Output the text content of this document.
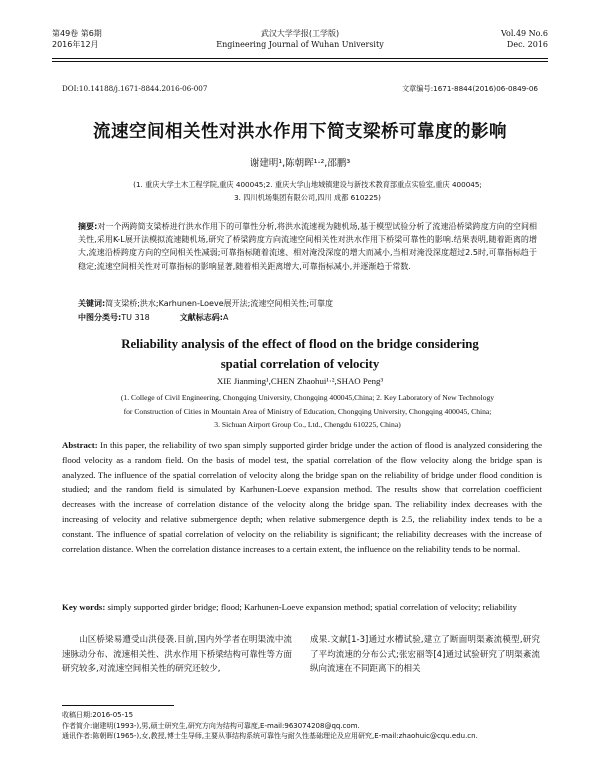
第49卷 第6期
2016年12月
武汉大学学报(工学版)
Engineering Journal of Wuhan University
Vol.49 No.6
Dec. 2016
DOI:10.14188/j.1671-8844.2016-06-007	文章编号:1671-8844(2016)06-0849-06
流速空间相关性对洪水作用下简支梁桥可靠度的影响
谢建明¹,陈朝晖¹·²,邵鹏³
(1. 重庆大学土木工程学院,重庆 400045;2. 重庆大学山地城镇建设与新技术教育部重点实验室,重庆 400045;
3. 四川机场集团有限公司,四川 成都 610225)
摘要:对一个两跨简支梁桥进行洪水作用下的可靠性分析,将洪水流速视为随机场,基于模型试验分析了流速沿桥梁跨度方向的空间相关性,采用K-L展开法模拟流速随机场,研究了桥梁跨度方向流速空间相关性对洪水作用下桥梁可靠性的影响.结果表明,随着距离的增大,流速沿桥跨度方向的空间相关性减弱;可靠指标随着流速、相对淹没深度的增大而减小,当相对淹没深度超过2.5时,可靠指标趋于稳定;流速空间相关性对可靠指标的影响显著,随着相关距离增大,可靠指标减小,并逐渐趋于常数.
关键词:简支梁桥;洪水;Karhunen-Loeve展开法;流速空间相关性;可靠度
中图分类号:TU 318	文献标志码:A
Reliability analysis of the effect of flood on the bridge considering
spatial correlation of velocity
XIE Jianming¹,CHEN Zhaohui¹·²,SHAO Peng³
(1. College of Civil Engineering, Chongqing University, Chongqing 400045,China; 2. Key Laboratory of New Technology
for Construction of Cities in Mountain Area of Ministry of Education, Chongqing University, Chongqing 400045, China;
3. Sichuan Airport Group Co., Ltd., Chengdu 610225, China)
Abstract: In this paper, the reliability of two span simply supported girder bridge under the action of flood is analyzed considering the flood velocity as a random field. On the basis of model test, the spatial correlation of the flow velocity along the bridge span is analyzed. The influence of the spatial correlation of velocity along the bridge span on the reliability of bridge under flood condition is studied; and the random field is simulated by Karhunen-Loeve expansion method. The results show that correlation coefficient decreases with the increase of correlation distance of the velocity along the bridge span. The reliability index decreases with the increasing of velocity and relative submergence depth; when relative submergence depth is 2.5, the reliability index tends to be a constant. The influence of spatial correlation of velocity on the reliability is significant; the reliability decreases with the increase of correlation distance. When the correlation distance increases to a certain extent, the influence on the reliability tends to be normal.
Key words: simply supported girder bridge; flood; Karhunen-Loeve expansion method; spatial correlation of velocity; reliability
山区桥梁易遭受山洪侵袭.目前,国内外学者在明渠流中流速脉动分布、流速相关性、洪水作用下桥梁结构可靠性等方面研究较多,对流速空间相关性的研究还较少,
成果.文献[1-3]通过水槽试验,建立了断面明渠紊流模型,研究了平均流速的分布公式;张宏丽等[4]通过试验研究了明渠紊流纵向流速在不同距离下的相关
收稿日期:2016-05-15
作者简介:谢建明(1993-),男,硕士研究生,研究方向为结构可靠度,E-mail:963074208@qq.com.
通讯作者:陈朝晖(1965-),女,教授,博士生导师,主要从事结构系统可靠性与耐久性基础理论及应用研究,E-mail:zhaohuic@cqu.edu.cn.
